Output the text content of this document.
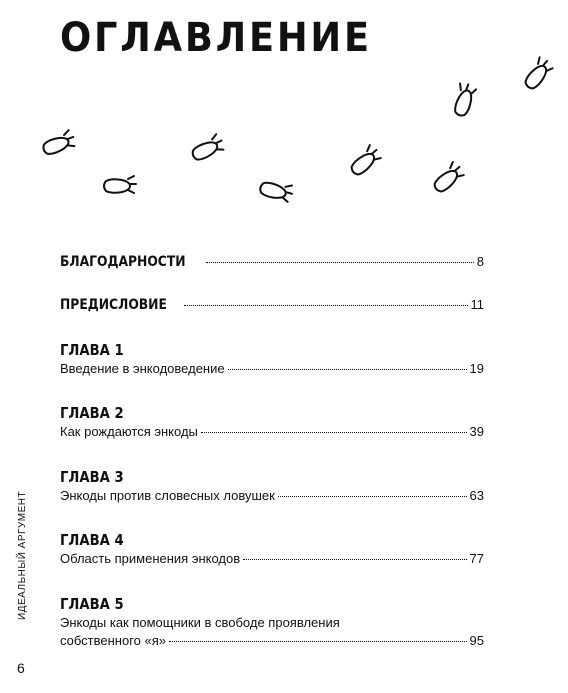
ОГЛАВЛЕНИЕ
БЛАГОДАРНОСТИ	8
ПРЕДИСЛОВИЕ	11
ГЛАВА 1
Введение в энкодоведение	19
ГЛАВА 2
Как рождаются энкоды	39
ГЛАВА 3
Энкоды против словесных ловушек	63
ГЛАВА 4
Область применения энкодов	77
ГЛАВА 5
Энкоды как помощники в свободе проявления
собственного «я»	95
ИДЕАЛЬНЫЙ АРГУМЕНТ
6
